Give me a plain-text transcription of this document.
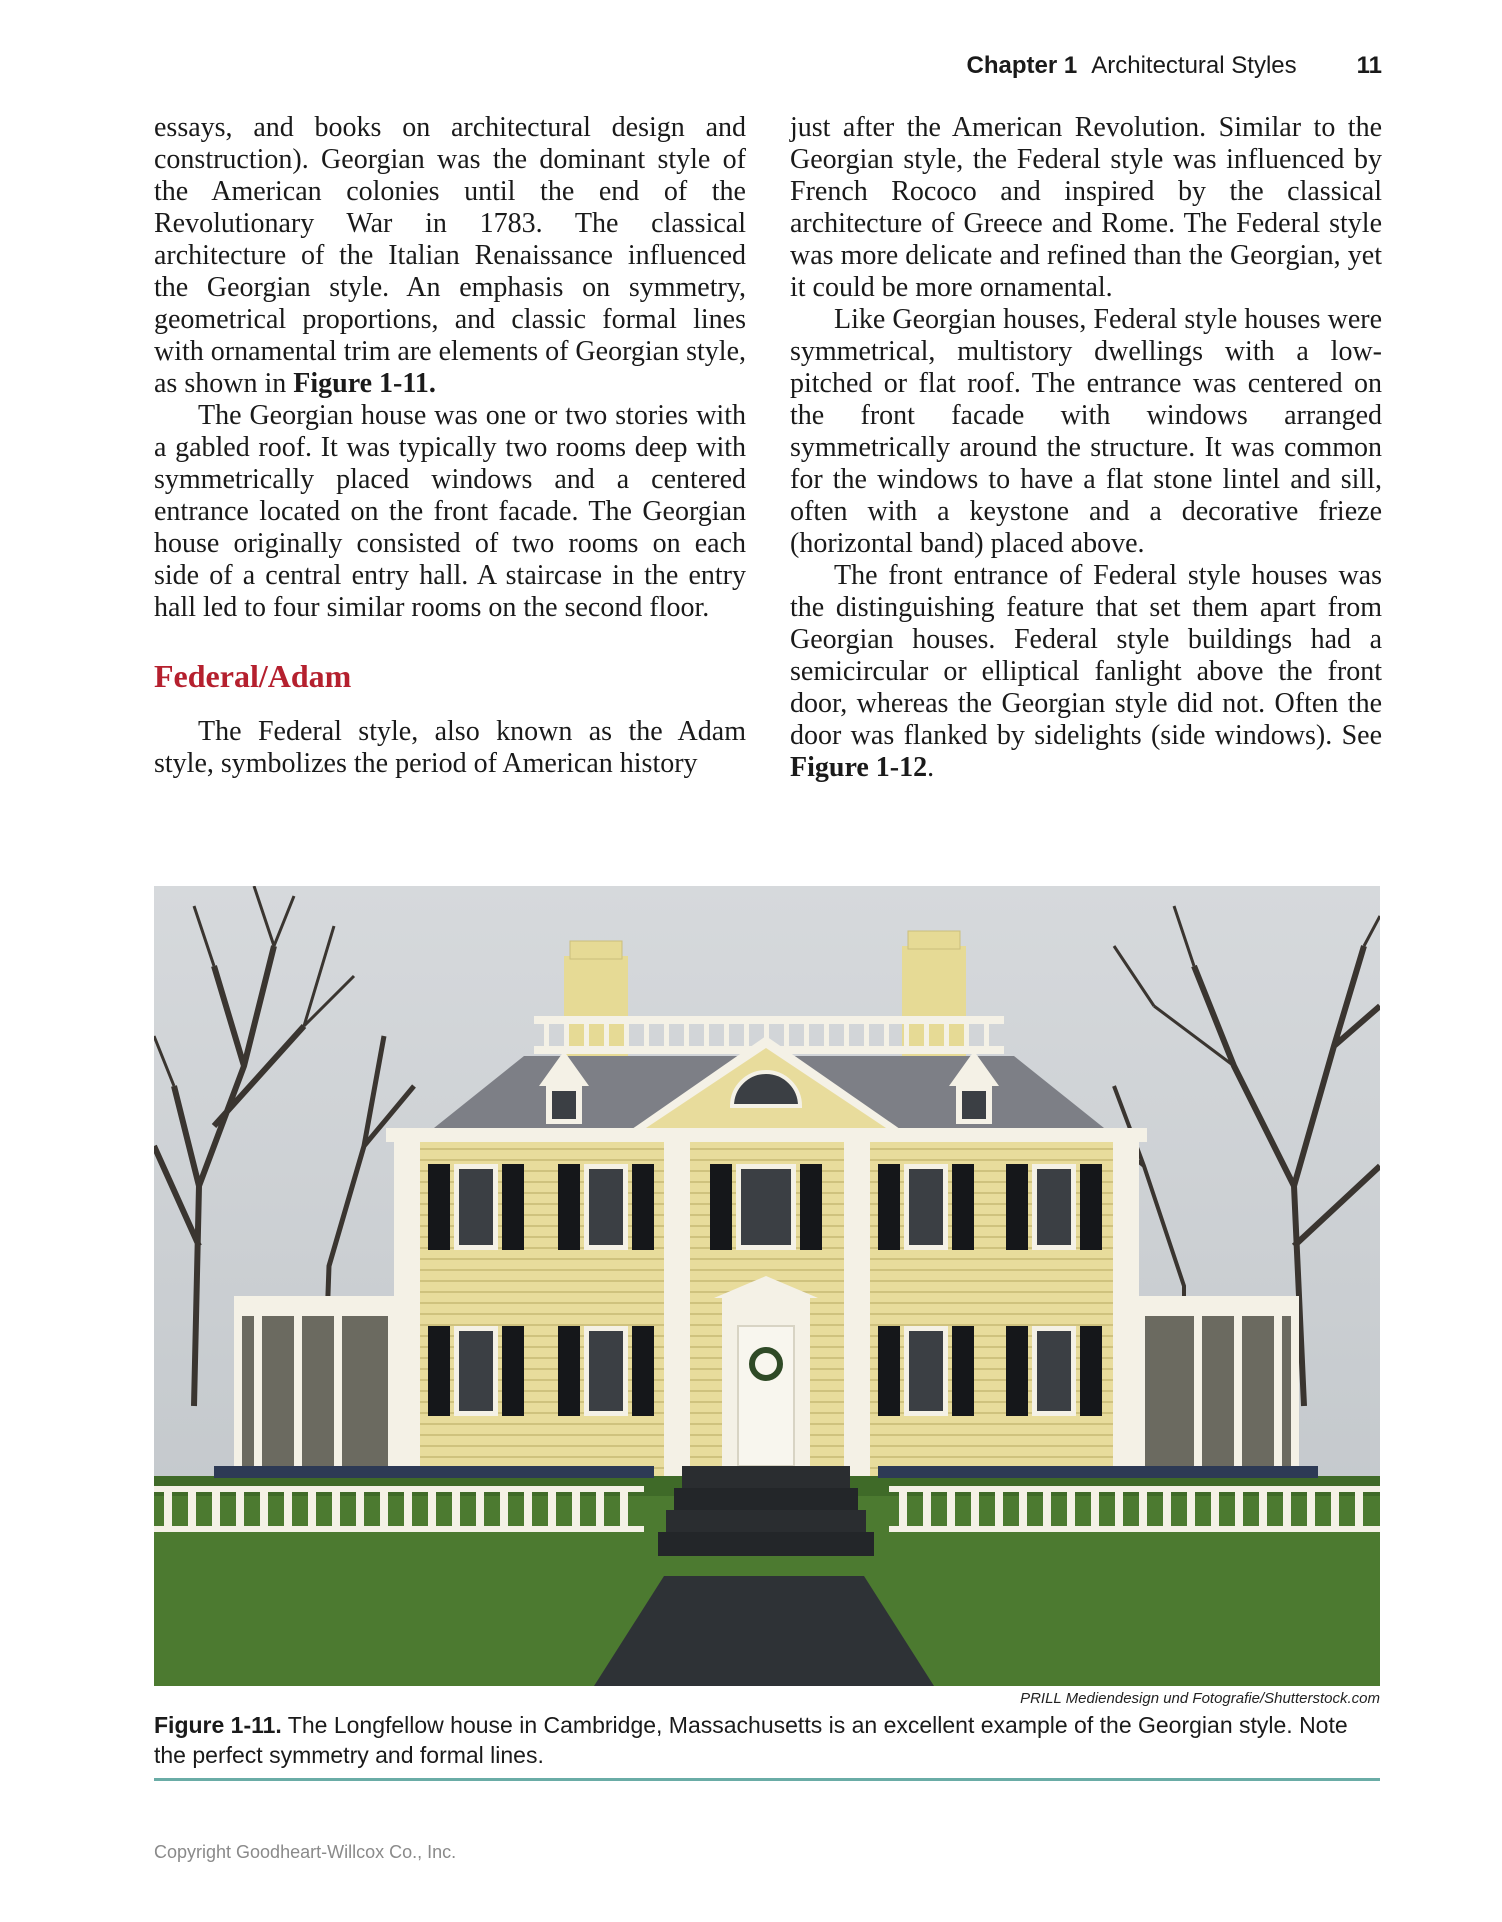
Chapter 1 Architectural Styles	11

essays, and books on architectural design and construction). Georgian was the dominant style of the American colonies until the end of the Revolutionary War in 1783. The classical architecture of the Italian Renaissance influenced the Georgian style. An emphasis on symmetry, geometrical proportions, and classic formal lines with ornamental trim are elements of Georgian style, as shown in Figure 1-11.

The Georgian house was one or two stories with a gabled roof. It was typically two rooms deep with symmetrically placed windows and a centered entrance located on the front facade. The Georgian house originally consisted of two rooms on each side of a central entry hall. A staircase in the entry hall led to four similar rooms on the second floor.

Federal/Adam

The Federal style, also known as the Adam style, symbolizes the period of American history

just after the American Revolution. Similar to the Georgian style, the Federal style was influenced by French Rococo and inspired by the classical architecture of Greece and Rome. The Federal style was more delicate and refined than the Georgian, yet it could be more ornamental.

Like Georgian houses, Federal style houses were symmetrical, multistory dwellings with a low-pitched or flat roof. The entrance was centered on the front facade with windows arranged symmetrically around the structure. It was common for the windows to have a flat stone lintel and sill, often with a keystone and a decorative frieze (horizontal band) placed above.

The front entrance of Federal style houses was the distinguishing feature that set them apart from Georgian houses. Federal style buildings had a semicircular or elliptical fanlight above the front door, whereas the Georgian style did not. Often the door was flanked by sidelights (side windows). See Figure 1-12.

PRILL Mediendesign und Fotografie/Shutterstock.com
Figure 1-11. The Longfellow house in Cambridge, Massachusetts is an excellent example of the Georgian style. Note the perfect symmetry and formal lines.
Copyright Goodheart-Willcox Co., Inc.
